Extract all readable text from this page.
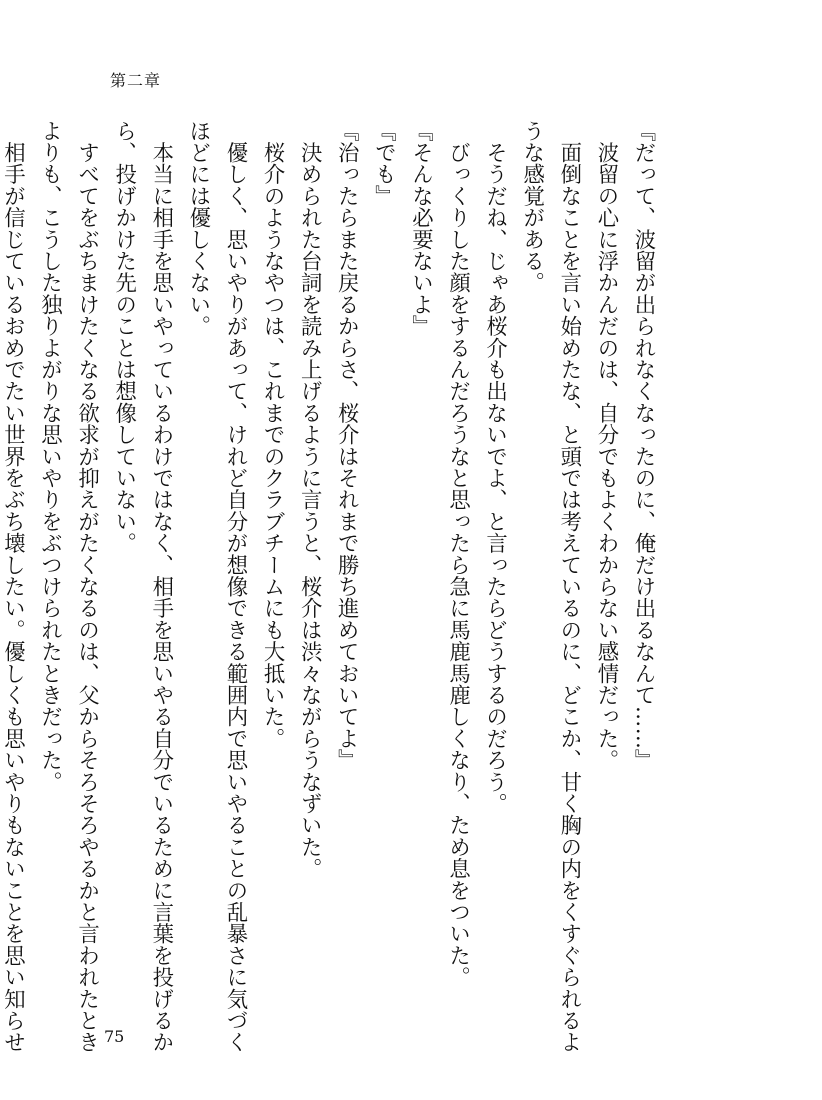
第二章
『だって、波留が出られなくなったのに、俺だけ出るなんて……』
　波留の心に浮かんだのは、自分でもよくわからない感情だった。
　面倒なことを言い始めたな、と頭では考えているのに、どこか、甘く胸の内をくすぐられるよ
うな感覚がある。
　そうだね、じゃあ桜介も出ないでよ、と言ったらどうするのだろう。
　びっくりした顔をするんだろうなと思ったら急に馬鹿馬鹿しくなり、ため息をついた。
『そんな必要ないよ』
『でも』
『治ったらまた戻るからさ、桜介はそれまで勝ち進めておいてよ』
　決められた台詞を読み上げるように言うと、桜介は渋々ながらうなずいた。
　桜介のようなやつは、これまでのクラブチームにも大抵いた。
　優しく、思いやりがあって、けれど自分が想像できる範囲内で思いやることの乱暴さに気づく
ほどには優しくない。
　本当に相手を思いやっているわけではなく、相手を思いやる自分でいるために言葉を投げるか
ら、投げかけた先のことは想像していない。
　すべてをぶちまけたくなる欲求が抑えがたくなるのは、父からそろそろやるかと言われたとき
よりも、こうした独りよがりな思いやりをぶつけられたときだった。
　相手が信じているおめでたい世界をぶち壊したい。優しくも思いやりもないことを思い知らせ	75
